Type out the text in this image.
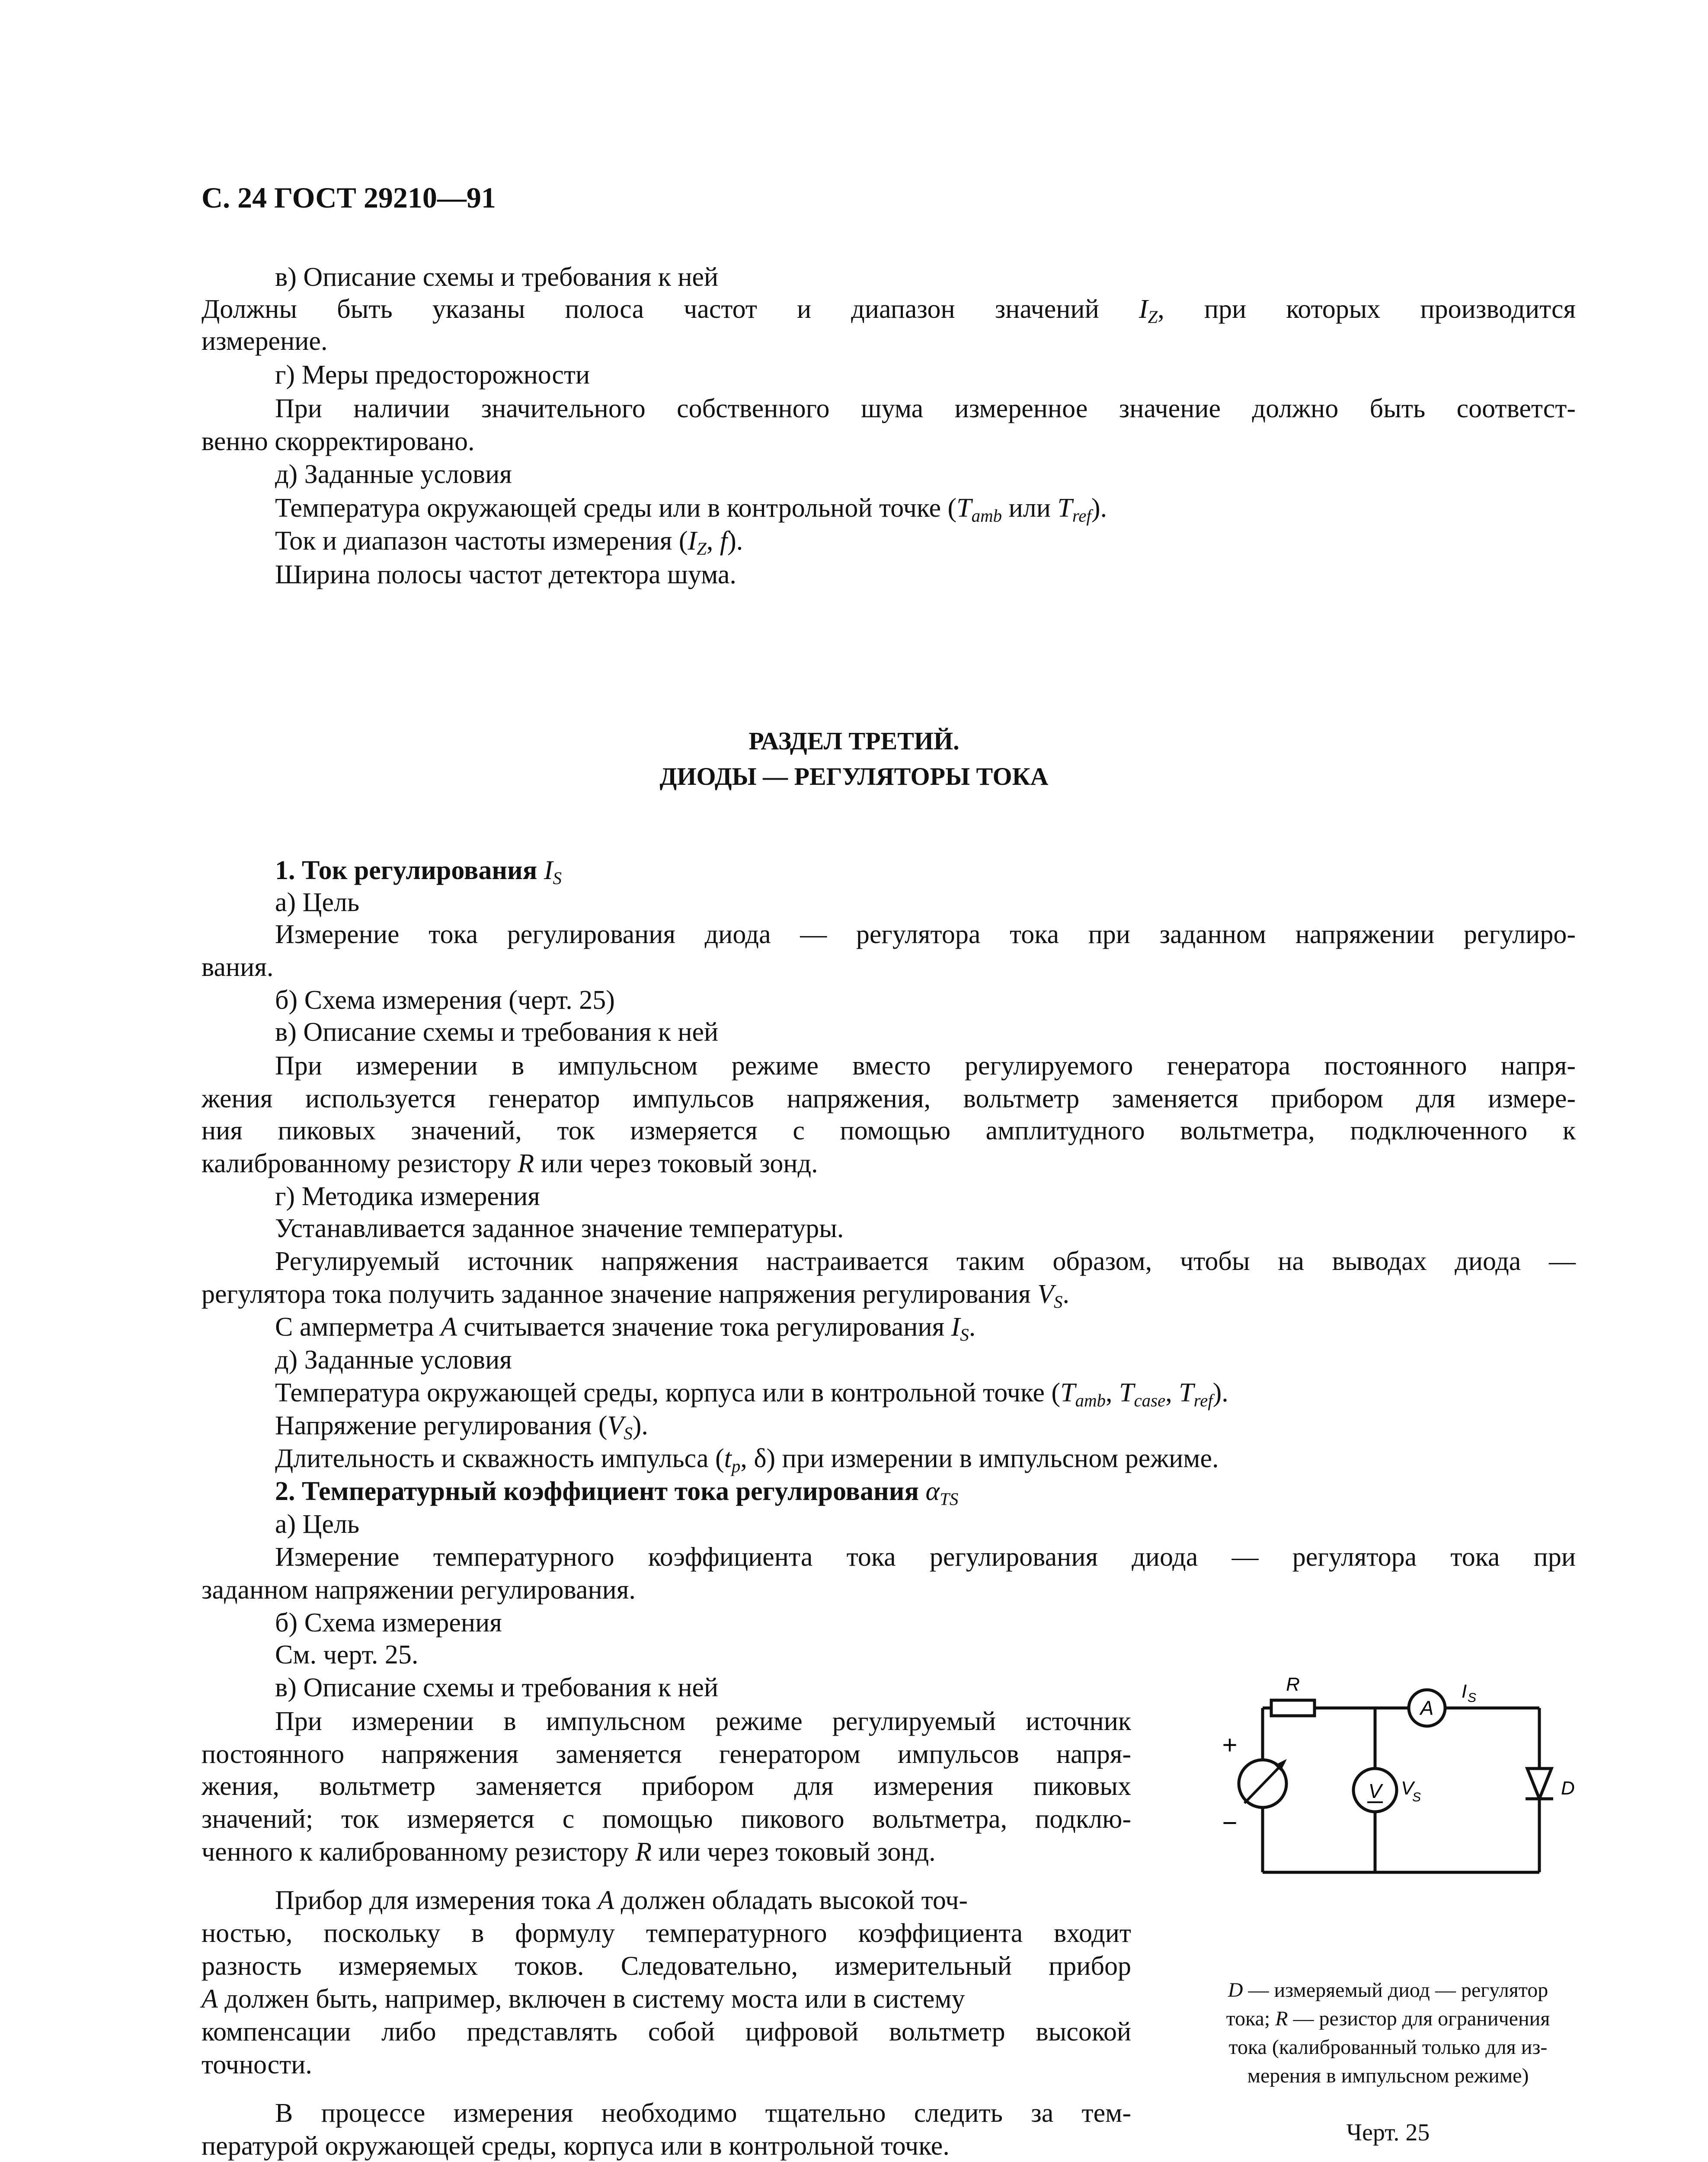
С. 24 ГОСТ 29210—91

в) Описание схемы и требования к ней

Должны быть указаны полоса частот и диапазон значений $I_Z$, при которых производится

измерение.

г) Меры предосторожности

При наличии значительного собственного шума измеренное значение должно быть соответст-

венно скорректировано.

д) Заданные условия

Температура окружающей среды или в контрольной точке ($T_{amb}$ или $T_{ref}$).

Ток и диапазон частоты измерения ($I_Z$, f).

Ширина полосы частот детектора шума.

РАЗДЕЛ ТРЕТИЙ.
ДИОДЫ — РЕГУЛЯТОРЫ ТОКА

1. Ток регулирования $I_S$

а) Цель

Измерение тока регулирования диода — регулятора тока при заданном напряжении регулиро-

вания.

б) Схема измерения (черт. 25)

в) Описание схемы и требования к ней

При измерении в импульсном режиме вместо регулируемого генератора постоянного напря-

жения используется генератор импульсов напряжения, вольтметр заменяется прибором для измере-

ния пиковых значений, ток измеряется с помощью амплитудного вольтметра, подключенного к

калиброванному резистору R или через токовый зонд.

г) Методика измерения

Устанавливается заданное значение температуры.

Регулируемый источник напряжения настраивается таким образом, чтобы на выводах диода —

регулятора тока получить заданное значение напряжения регулирования $V_S$.

С амперметра A считывается значение тока регулирования $I_S$.

д) Заданные условия

Температура окружающей среды, корпуса или в контрольной точке ($T_{amb}$, $T_{case}$, $T_{ref}$).

Напряжение регулирования $(V_S)$.

Длительность и скважность импульса ($t_p$, δ) при измерении в импульсном режиме.

2. Температурный коэффициент тока регулирования $\alpha_{TS}$

а) Цель

Измерение температурного коэффициента тока регулирования диода — регулятора тока при

заданном напряжении регулирования.

б) Схема измерения

См. черт. 25.

в) Описание схемы и требования к ней

При измерении в импульсном режиме регулируемый источник

постоянного напряжения заменяется генератором импульсов напря-

жения, вольтметр заменяется прибором для измерения пиковых

значений; ток измеряется с помощью пикового вольтметра, подклю-

ченного к калиброванному резистору R или через токовый зонд.

Прибор для измерения тока A должен обладать высокой точ-

ностью, поскольку в формулу температурного коэффициента входит

разность измеряемых токов. Следовательно, измерительный прибор

A должен быть, например, включен в систему моста или в систему

компенсации либо представлять собой цифровой вольтметр высокой

точности.

В процессе измерения необходимо тщательно следить за тем-

пературой окружающей среды, корпуса или в контрольной точке.

R
A
I S
V V
S	D
+
−
D — измеряемый диод — регулятор
тока; R — резистор для ограничения
тока (калиброванный только для из-
мерения в импульсном режиме)
Черт. 25
